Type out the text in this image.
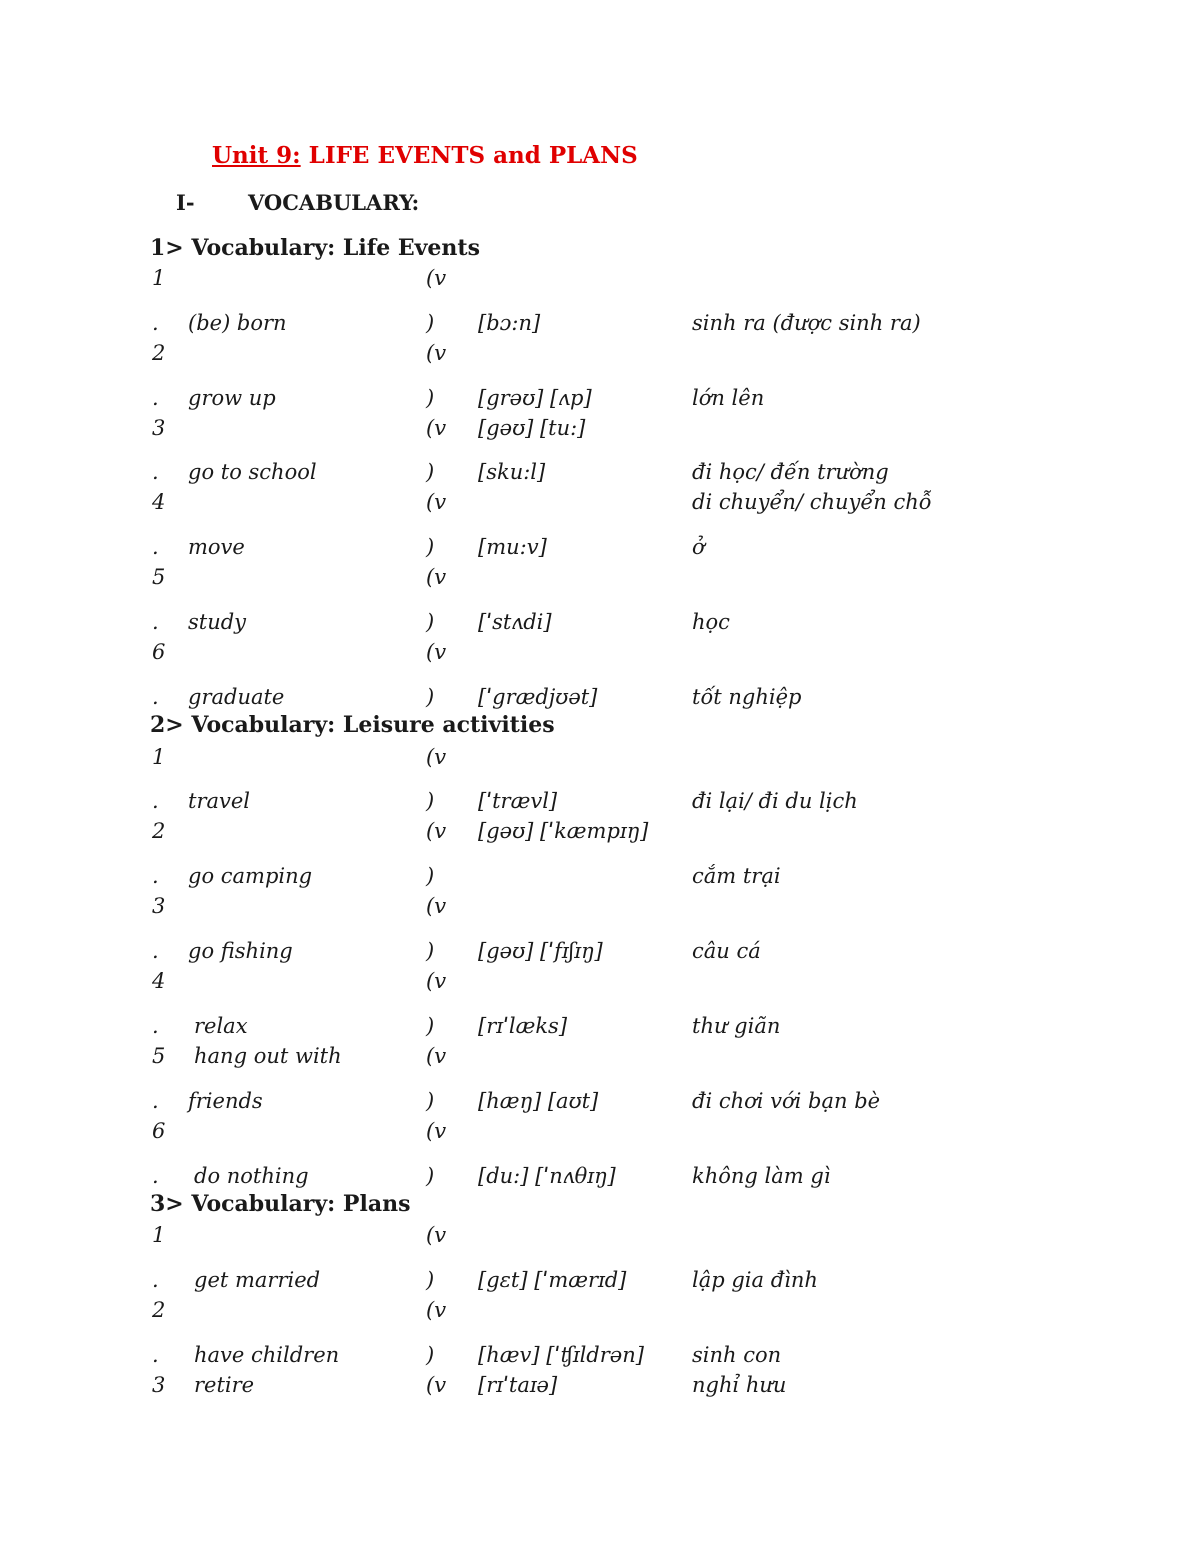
Unit 9: LIFE EVENTS and PLANS
I-	VOCABULARY:
1> Vocabulary: Life Events
1	(v
. (be) born	) [bɔ:n]	sinh ra (được sinh ra)
2	(v
. grow up	) [grəʊ] [ʌp]	lớn lên
3	(v [gəʊ] [tu:]
. go to school	) [sku:l]	đi học/ đến trường
4	(v	di chuyển/ chuyển chỗ
. move	) [mu:v]	ở
5	(v
. study	) [ˈstʌdi]	học
6	(v
. graduate	) [ˈgrædjʊət]	tốt nghiệp
2> Vocabulary: Leisure activities
1	(v
. travel	) [ˈtrævl]	đi lại/ đi du lịch
2	(v [gəʊ] [ˈkæmpɪŋ]
. go camping	)	cắm trại
3	(v
. go fishing	) [gəʊ] [ˈfɪʃɪŋ]	câu cá
4	(v
. relax	) [rɪˈlæks]	thư giãn
5 hang out with	(v
. friends	) [hæŋ] [aʊt]	đi chơi với bạn bè
6	(v
. do nothing	) [du:] [ˈnʌθɪŋ]	không làm gì
3> Vocabulary: Plans
1	(v
. get married	) [gɛt] [ˈmærɪd]	lập gia đình
2	(v
. have children	) [hæv] [ˈʧɪldrən] sinh con
3 retire	(v [rɪˈtaɪə]	nghỉ hưu
